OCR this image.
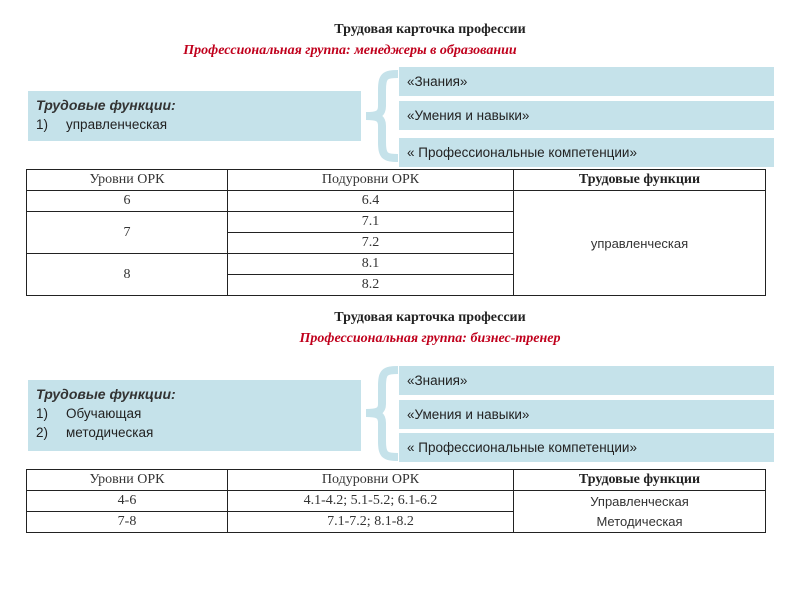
Трудовая карточка профессии
Профессиональная группа: менеджеры в образовании
Трудовые функции:
1)	управленческая
«Знания»
«Умения и навыки»
« Профессиональные компетенции»
Уровни ОРК	Подуровни ОРК	Трудовые функции
6	6.4	управленческая
7	7.1	
	7.2	
8	8.1	
	8.2	
Трудовая карточка профессии
Профессиональная группа: бизнес-тренер
Трудовые функции:
1)	Обучающая
2)	методическая
«Знания»
«Умения и навыки»
« Профессиональные компетенции»
Уровни ОРК	Подуровни ОРК	Трудовые функции
4-6	4.1-4.2; 5.1-5.2; 6.1-6.2	Управленческая
Методическая

7-8	7.1-7.2; 8.1-8.2	
